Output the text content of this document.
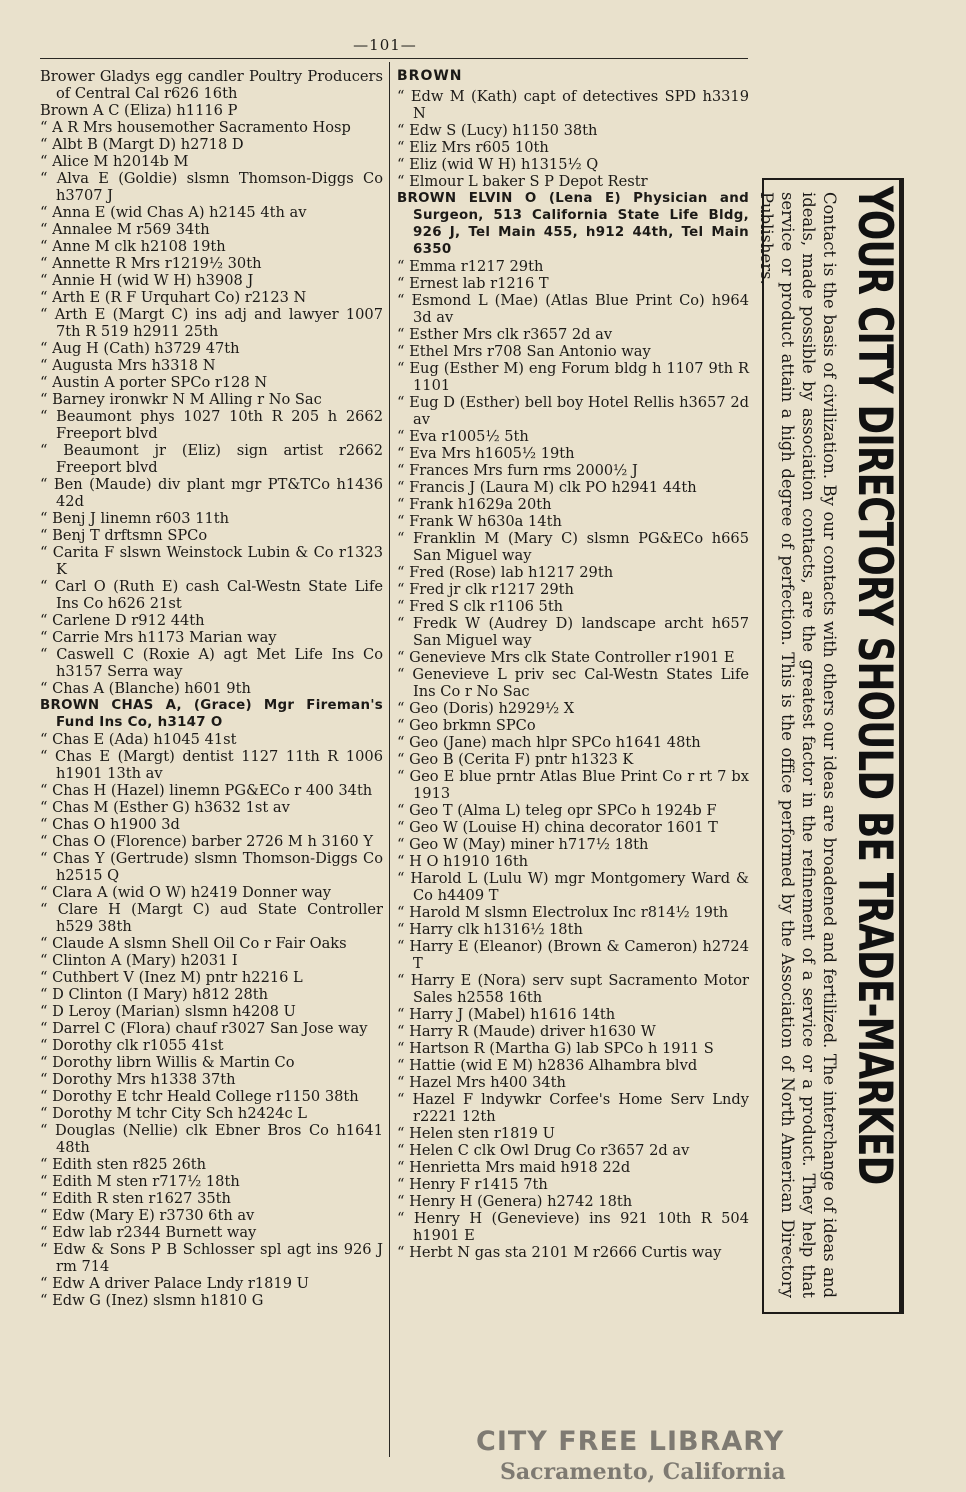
—101—
Brower Gladys egg candler Poultry Producers of Central Cal r626 16th
Brown A C (Eliza) h1116 P
“ A R Mrs housemother Sacramento Hosp
“ Albt B (Margt D) h2718 D
“ Alice M h2014b M
“ Alva E (Goldie) slsmn Thomson-Diggs Co h3707 J
“ Anna E (wid Chas A) h2145 4th av
“ Annalee M r569 34th
“ Anne M clk h2108 19th
“ Annette R Mrs r1219½ 30th
“ Annie H (wid W H) h3908 J
“ Arth E (R F Urquhart Co) r2123 N
“ Arth E (Margt C) ins adj and lawyer 1007 7th R 519 h2911 25th
“ Aug H (Cath) h3729 47th
“ Augusta Mrs h3318 N
“ Austin A porter SPCo r128 N
“ Barney ironwkr N M Alling r No Sac
“ Beaumont phys 1027 10th R 205 h 2662 Freeport blvd
“ Beaumont jr (Eliz) sign artist r2662 Freeport blvd
“ Ben (Maude) div plant mgr PT&TCo h1436 42d
“ Benj J linemn r603 11th
“ Benj T drftsmn SPCo
“ Carita F slswn Weinstock Lubin & Co r1323 K
“ Carl O (Ruth E) cash Cal-Westn State Life Ins Co h626 21st
“ Carlene D r912 44th
“ Carrie Mrs h1173 Marian way
“ Caswell C (Roxie A) agt Met Life Ins Co h3157 Serra way
“ Chas A (Blanche) h601 9th
BROWN CHAS A, (Grace) Mgr Fireman's Fund Ins Co, h3147 O
“ Chas E (Ada) h1045 41st
“ Chas E (Margt) dentist 1127 11th R 1006 h1901 13th av
“ Chas H (Hazel) linemn PG&ECo r 400 34th
“ Chas M (Esther G) h3632 1st av
“ Chas O h1900 3d
“ Chas O (Florence) barber 2726 M h 3160 Y
“ Chas Y (Gertrude) slsmn Thomson-Diggs Co h2515 Q
“ Clara A (wid O W) h2419 Donner way
“ Clare H (Margt C) aud State Controller h529 38th
“ Claude A slsmn Shell Oil Co r Fair Oaks
“ Clinton A (Mary) h2031 I
“ Cuthbert V (Inez M) pntr h2216 L
“ D Clinton (I Mary) h812 28th
“ D Leroy (Marian) slsmn h4208 U
“ Darrel C (Flora) chauf r3027 San Jose way
“ Dorothy clk r1055 41st
“ Dorothy librn Willis & Martin Co
“ Dorothy Mrs h1338 37th
“ Dorothy E tchr Heald College r1150 38th
“ Dorothy M tchr City Sch h2424c L
“ Douglas (Nellie) clk Ebner Bros Co h1641 48th
“ Edith sten r825 26th
“ Edith M sten r717½ 18th
“ Edith R sten r1627 35th
“ Edw (Mary E) r3730 6th av
“ Edw lab r2344 Burnett way
“ Edw & Sons P B Schlosser spl agt ins 926 J rm 714
“ Edw A driver Palace Lndy r1819 U
“ Edw G (Inez) slsmn h1810 G
BROWN
“ Edw M (Kath) capt of detectives SPD h3319 N
“ Edw S (Lucy) h1150 38th
“ Eliz Mrs r605 10th
“ Eliz (wid W H) h1315½ Q
“ Elmour L baker S P Depot Restr
BROWN ELVIN O (Lena E) Physician and Surgeon, 513 California State Life Bldg, 926 J, Tel Main 455, h912 44th, Tel Main 6350
“ Emma r1217 29th
“ Ernest lab r1216 T
“ Esmond L (Mae) (Atlas Blue Print Co) h964 3d av
“ Esther Mrs clk r3657 2d av
“ Ethel Mrs r708 San Antonio way
“ Eug (Esther M) eng Forum bldg h 1107 9th R 1101
“ Eug D (Esther) bell boy Hotel Rellis h3657 2d av
“ Eva r1005½ 5th
“ Eva Mrs h1605½ 19th
“ Frances Mrs furn rms 2000½ J
“ Francis J (Laura M) clk PO h2941 44th
“ Frank h1629a 20th
“ Frank W h630a 14th
“ Franklin M (Mary C) slsmn PG&ECo h665 San Miguel way
“ Fred (Rose) lab h1217 29th
“ Fred jr clk r1217 29th
“ Fred S clk r1106 5th
“ Fredk W (Audrey D) landscape archt h657 San Miguel way
“ Genevieve Mrs clk State Controller r1901 E
“ Genevieve L priv sec Cal-Westn States Life Ins Co r No Sac
“ Geo (Doris) h2929½ X
“ Geo brkmn SPCo
“ Geo (Jane) mach hlpr SPCo h1641 48th
“ Geo B (Cerita F) pntr h1323 K
“ Geo E blue prntr Atlas Blue Print Co r rt 7 bx 1913
“ Geo T (Alma L) teleg opr SPCo h 1924b F
“ Geo W (Louise H) china decorator 1601 T
“ Geo W (May) miner h717½ 18th
“ H O h1910 16th
“ Harold L (Lulu W) mgr Montgomery Ward & Co h4409 T
“ Harold M slsmn Electrolux Inc r814½ 19th
“ Harry clk h1316½ 18th
“ Harry E (Eleanor) (Brown & Cameron) h2724 T
“ Harry E (Nora) serv supt Sacramento Motor Sales h2558 16th
“ Harry J (Mabel) h1616 14th
“ Harry R (Maude) driver h1630 W
“ Hartson R (Martha G) lab SPCo h 1911 S
“ Hattie (wid E M) h2836 Alhambra blvd
“ Hazel Mrs h400 34th
“ Hazel F lndywkr Corfee's Home Serv Lndy r2221 12th
“ Helen sten r1819 U
“ Helen C clk Owl Drug Co r3657 2d av
“ Henrietta Mrs maid h918 22d
“ Henry F r1415 7th
“ Henry H (Genera) h2742 18th
“ Henry H (Genevieve) ins 921 10th R 504 h1901 E
“ Herbt N gas sta 2101 M r2666 Curtis way
YOUR CITY DIRECTORY SHOULD BE TRADE-MARKED
Contact is the basis of civilization. By our contacts with others our ideas are broadened and fertilized. The interchange of ideas and ideals, made possible by association contacts, are the greatest factor in the refinement of a service or a product. They help that service or product attain a high degree of perfection. This is the office performed by the Association of North American Directory Publishers.
CITY FREE LIBRARY
Sacramento, California
